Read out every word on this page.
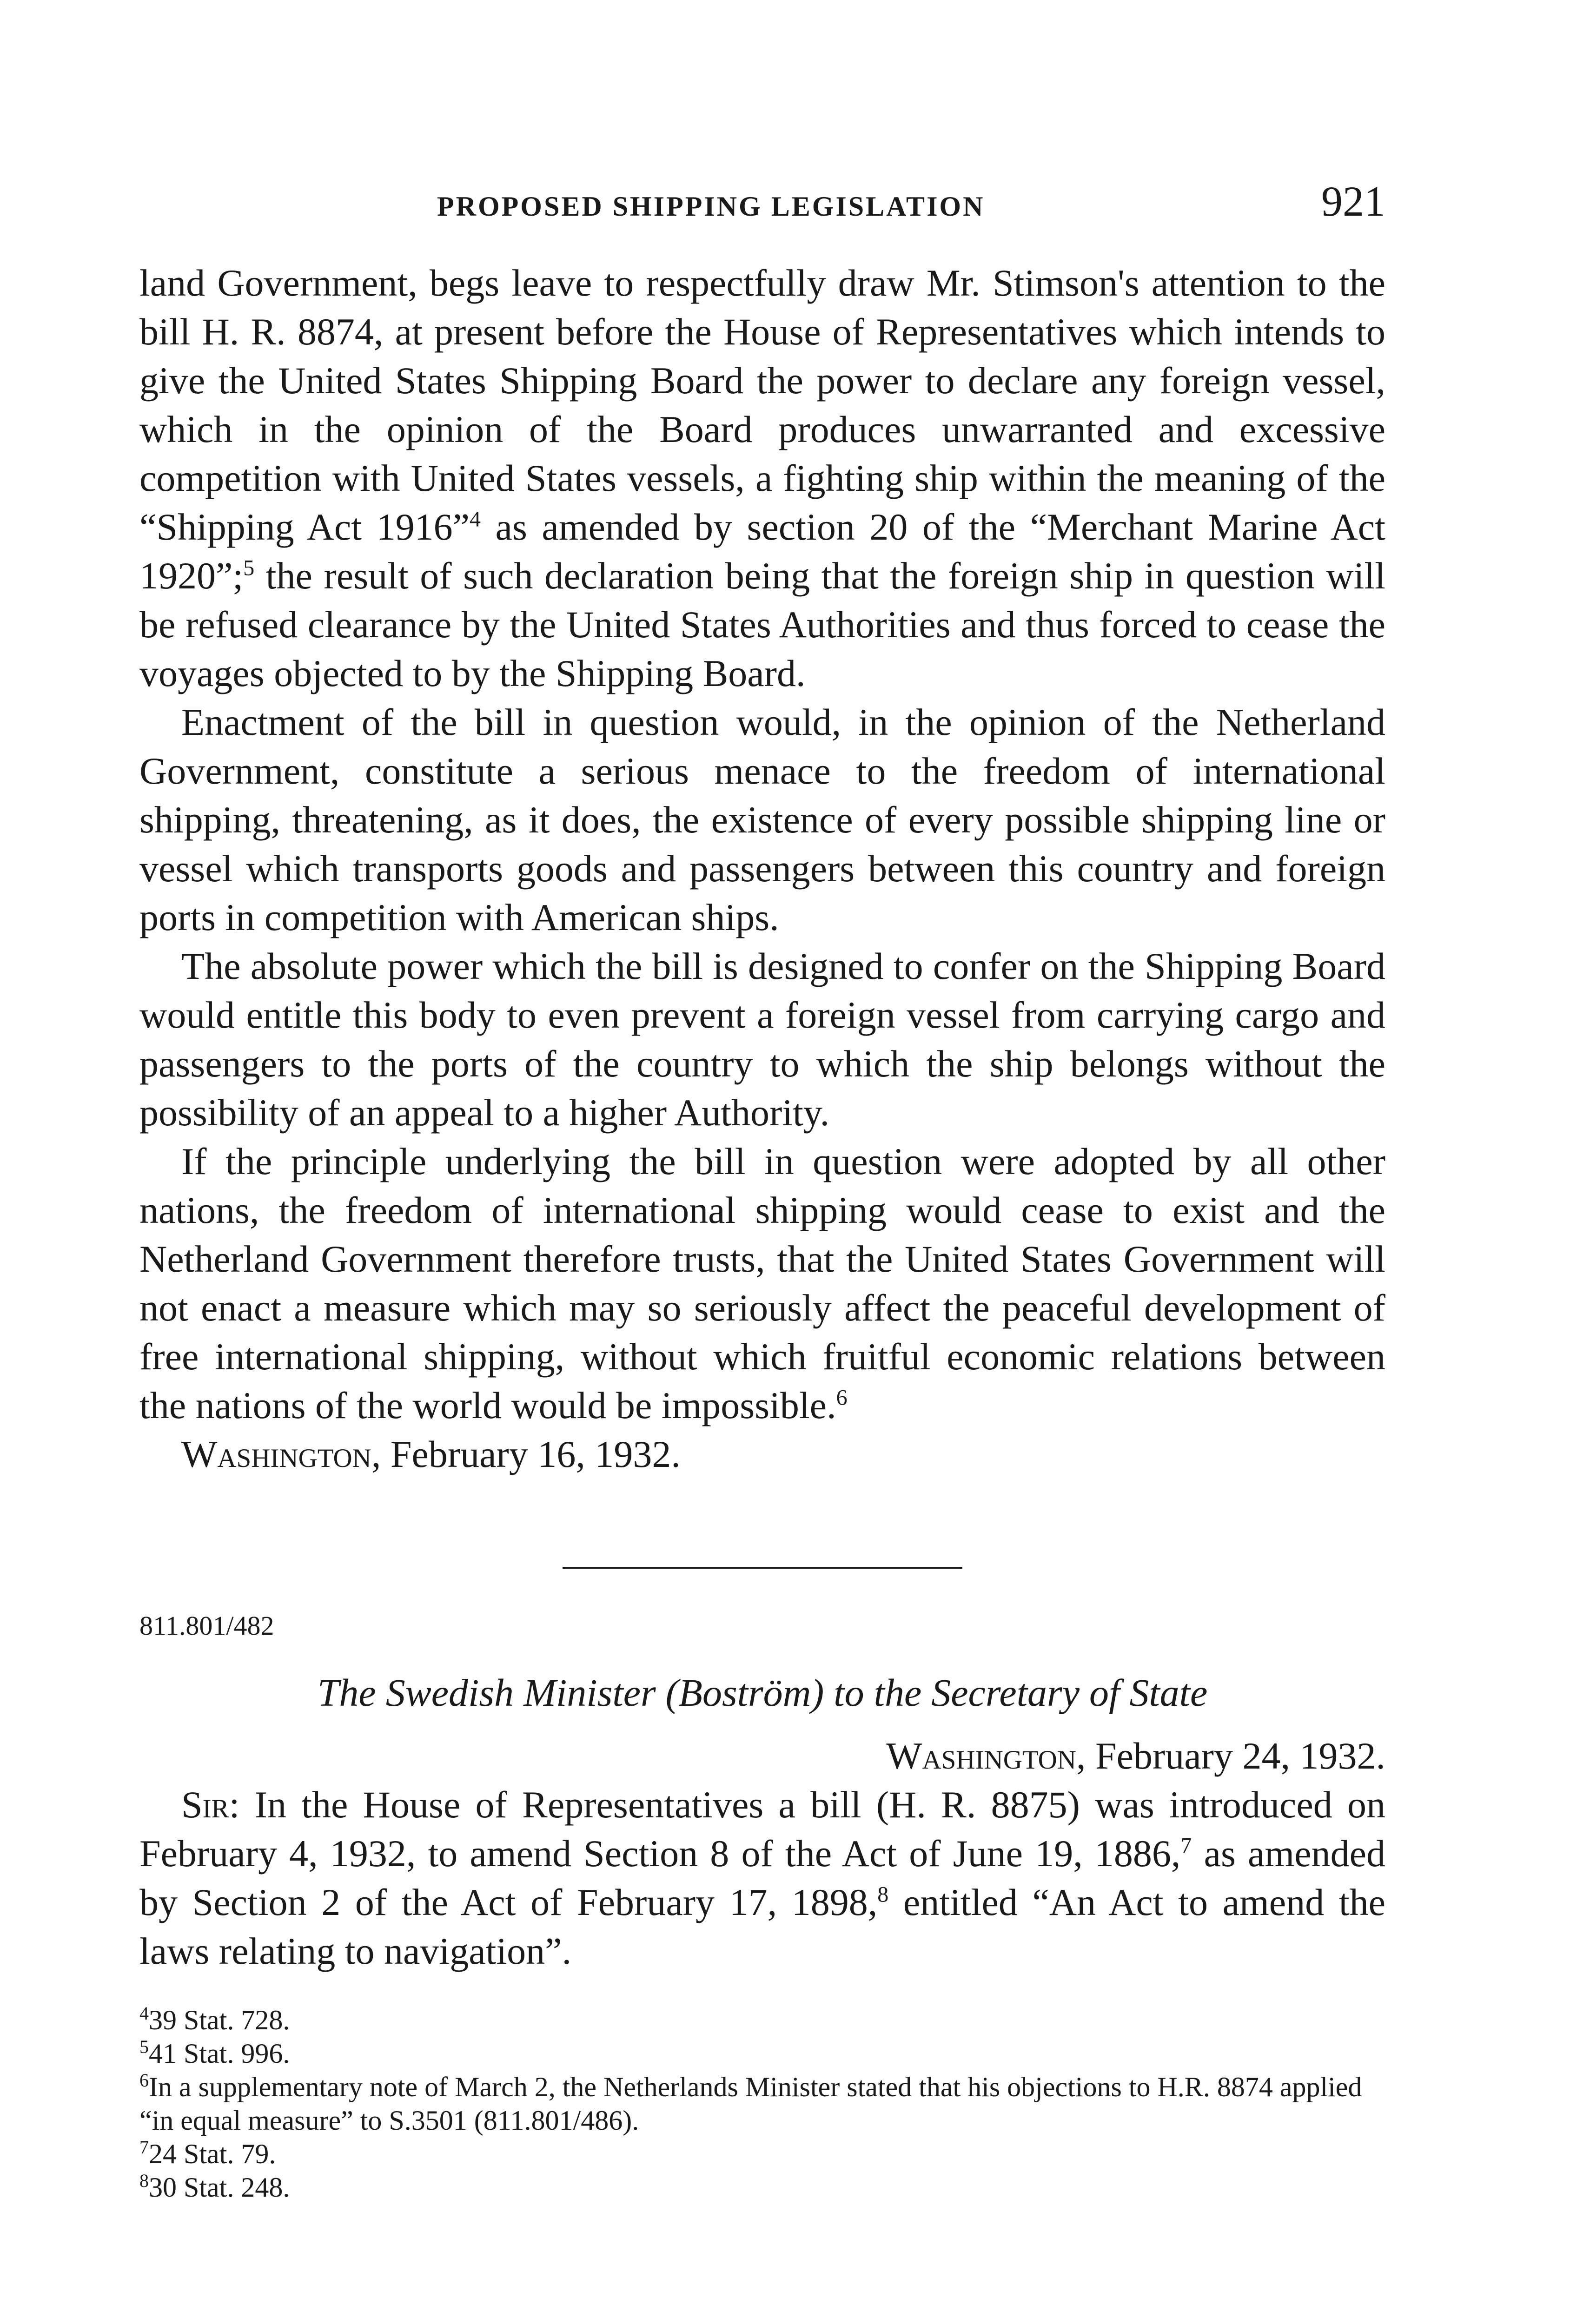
PROPOSED SHIPPING LEGISLATION	921

land Government, begs leave to respectfully draw Mr. Stimson's attention to the bill H. R. 8874, at present before the House of Representatives which intends to give the United States Shipping Board the power to declare any foreign vessel, which in the opinion of the Board produces unwarranted and excessive competition with United States vessels, a fighting ship within the meaning of the “Shipping Act 1916”$^4$ as amended by section 20 of the “Merchant Marine Act 1920”;$^5$ the result of such declaration being that the foreign ship in question will be refused clearance by the United States Authorities and thus forced to cease the voyages objected to by the Shipping Board.

Enactment of the bill in question would, in the opinion of the Netherland Government, constitute a serious menace to the freedom of international shipping, threatening, as it does, the existence of every possible shipping line or vessel which transports goods and passengers between this country and foreign ports in competition with American ships.

The absolute power which the bill is designed to confer on the Shipping Board would entitle this body to even prevent a foreign vessel from carrying cargo and passengers to the ports of the country to which the ship belongs without the possibility of an appeal to a higher Authority.

If the principle underlying the bill in question were adopted by all other nations, the freedom of international shipping would cease to exist and the Netherland Government therefore trusts, that the United States Government will not enact a measure which may so seriously affect the peaceful development of free international shipping, without which fruitful economic relations between the nations of the world would be impossible.$^6$

Washington, February 16, 1932.

811.801/482
The Swedish Minister (Boström) to the Secretary of State

Washington, February 24, 1932.

Sir: In the House of Representatives a bill (H. R. 8875) was introduced on February 4, 1932, to amend Section 8 of the Act of June 19, 1886,$^7$ as amended by Section 2 of the Act of February 17, 1898,$^8$ entitled “An Act to amend the laws relating to navigation”.

$^4$39 Stat. 728.

$^5$41 Stat. 996.

$^6$In a supplementary note of March 2, the Netherlands Minister stated that his objections to H.R. 8874 applied “in equal measure” to S.3501 (811.801/486).

$^7$24 Stat. 79.

$^8$30 Stat. 248.
